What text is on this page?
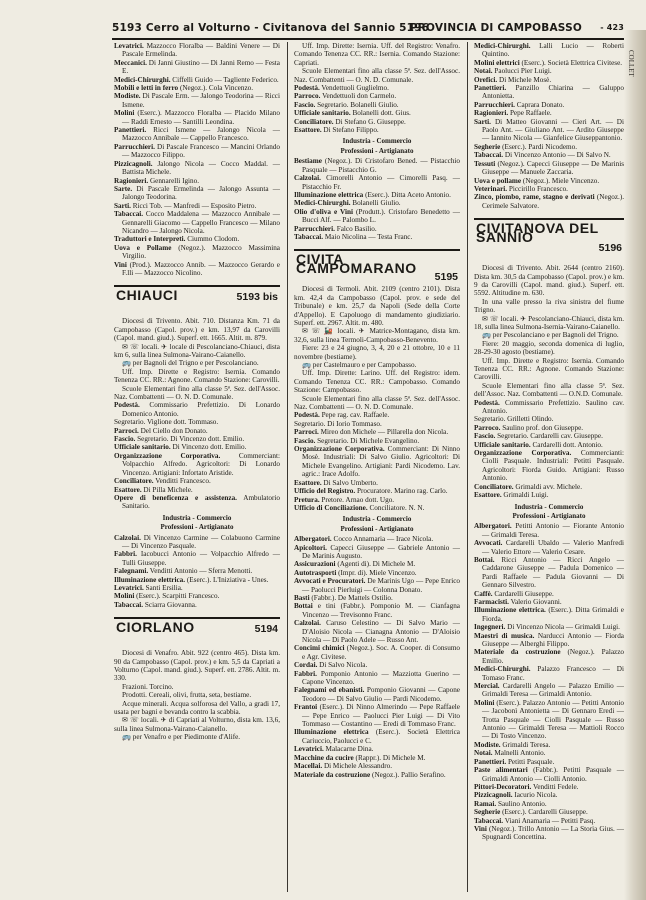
5193 Cerro al Volturno - Civitanova del Sannio 5196
PROVINCIA DI CAMPOBASSO - 423

Levatrici. Mazzocco Floralba — Baldini Venere — Di Pascale Ermelinda.

Meccanici. Di Janni Giustino — Di Janni Remo — Festa E.

Medici-Chirurghi. Ciffelli Guido — Tagliente Federico.

Mobili e letti in ferro (Negoz.). Cola Vincenzo.

Modiste. Di Pascale Erm. — Jalongo Teodorina — Ricci Ismene.

Molini (Eserc.). Mazzocco Floralba — Placido Milano — Raddi Ernesto — Santilli Leondina.

Panettieri. Ricci Ismene — Jalongo Nicola — Mazzocco Annibale — Cappello Francesco.

Parrucchieri. Di Pascale Francesco — Mancini Orlando — Mazzocco Filippo.

Pizzicagnoli. Jalongo Nicola — Cocco Maddal. — Battista Michele.

Ragionieri. Gennarelli Igino.

Sarte. Di Pascale Ermelinda — Jalongo Assunta — Jalongo Teodorina.

Sarti. Ricci Tob. — Manfredi — Esposito Pietro.

Tabaccai. Cocco Maddalena — Mazzocco Annibale — Gennarelli Giacomo — Cappello Francesco — Milano Nicandro — Jalongo Nicola.

Traduttori e Interpreti. Ciummo Clodom.

Uova e Pollame (Negoz.). Mazzocco Massimina Virgilio.

Vini (Prod.). Mazzocco Annib. — Mazzocco Gerardo e F.lli — Mazzocco Nicolino.

CHIAUCI	5193 bis

Diocesi di Trivento. Abit. 710. Distanza Km. 71 da Campobasso (Capol. prov.) e km. 13,97 da Carovilli (Capol. mand. giud.). Superf. ett. 1665. Altit. m. 879.

✉ ☏ locali. ✈ locale di Pescolanciano-Chiauci, dista km 6, sulla linea Sulmona-Vairano-Caianello.

🚌 per Bagnoli del Trigno e per Pescolanciano.

Uff. Imp. Dirette e Registro: Isernia. Comando Tenenza CC. RR.: Agnone. Comando Stazione: Carovilli.

Scuole Elementari fino alla classe 5ª. Sez. dell'Assoc. Naz. Combattenti — O. N. D. Comunale.

Podestà. Commissario Prefettizio. Di Lonardo Domenico Antonio.

Segretario. Viglione dott. Tommaso.

Parroci. Del Ciello don Donato.

Fascio. Segretario. Di Vincenzo dott. Emilio.

Ufficiale sanitario. Di Vincenzo dott. Emilio.

Organizzazione Corporativa. Commerciant: Volpacchio Alfredo. Agricoltori: Di Lonardo Vincenzo. Artigiani: Infortato Aristide.

Conciliatore. Venditti Francesco.

Esattore. Di Pilla Michele.

Opere di beneficenza e assistenza. Ambulatorio Sanitario.

Industria - Commercio
Professioni - Artigianato

Calzolai. Di Vincenzo Carmine — Colabuono Carmine — Di Vincenzo Pasquale.

Fabbri. Iacobucci Antonio — Volpacchio Alfredo — Tulli Giuseppe.

Falegnami. Venditti Antonio — Sferra Menotti.

Illuminazione elettrica. (Eserc.). L'Iniziativa - Unes.

Levatrici. Santi Ersilia.

Molini (Eserc.). Scarpitti Francesco.

Tabaccai. Sciarra Giovanna.

CIORLANO	5194

Diocesi di Venafro. Abit. 922 (centro 465). Dista km. 90 da Campobasso (Capol. prov.) e km. 5,5 da Capriati a Volturno (Capol. mand. giud.). Superf. ett. 2786. Altit. m. 330.

Frazioni. Torcino.

Prodotti. Cereali, olivi, frutta, seta, bestiame.

Acque minerali. Acqua solforosa del Vallo, a gradi 17, usata per bagni e bevanda contro la scabbia.

✉ ☏ locali. ✈ di Capriati al Volturno, dista km. 13,6, sulla linea Sulmona-Vairano-Caianello.

🚌 per Venafro e per Piedimonte d'Alife.

Uff. Imp. Dirette: Isernia. Uff. del Registro: Venafro. Comando Tenenza CC. RR.: Isernia. Comando Stazione: Capriati.

Scuole Elementari fino alla classe 5ª. Sez. dell'Assoc. Naz. Combattenti — O. N. D. Comunale.

Podestà. Vendettuoli Guglielmo.

Parroco. Vendettuoli don Carmelo.

Fascio. Segretario. Bolanelli Giulio.

Ufficiale sanitario. Bolanelli dott. Gius.

Conciliatore. Di Stefano G. Giuseppe.

Esattore. Di Stefano Filippo.

Industria - Commercio
Professioni - Artigianato

Bestiame (Negoz.). Di Cristofaro Bened. — Pistacchio Pasquale — Pistacchio G.

Calzolai. Cimorelli Antonio — Cimorelli Pasq. — Pistacchio Fr.

Illuminazione elettrica (Eserc.). Ditta Aceto Antonio.

Medici-Chirurghi. Bolanelli Giulio.

Olio d'oliva e Vini (Produtt.). Cristofaro Benedetto — Bucci Alf. — Palombo L.

Parrucchieri. Falco Basilio.

Tabaccai. Maio Nicolina — Testa Franc.

CIVITA CAMPOMARANO
5195

Diocesi di Termoli. Abit. 2109 (centro 2101). Dista km. 42,4 da Campobasso (Capol. prov. e sede del Tribunale) e km. 25,7 da Napoli (Sede della Corte d'Appello). E Capoluogo di mandamento giudiziario. Superf. ett. 2967. Altit. m. 480.

✉ ☏ 🚂 locali. ✈ Matrice-Montagano, dista km. 32,6, sulla linea Termoli-Campobasso-Benevento.

Fiere: 23 e 24 giugno, 3, 4, 20 e 21 ottobre, 10 e 11 novembre (bestiame).

🚌 per Castelmauro e per Campobasso.

Uff. Imp. Dirette: Larino. Uff. del Registro: idem. Comando Tenenza CC. RR.: Campobasso. Comando Stazione: Campobasso.

Scuole Elementari fino alla classe 5ª. Sez. dell'Assoc. Naz. Combattenti — O. N. D. Comunale.

Podestà. Pepe rag. cav. Raffaele.

Segretario. Di Iorio Tommaso.

Parroci. Mireo don Michele — Pillarella don Nicola.

Fascio. Segretario. Di Michele Evangelino.

Organizzazione Corporativa. Commerciant: Di Ninno Mosè. Industriali: Di Salvo Giulio. Agricoltori: Di Michele Evangelino. Artigiani: Pardi Nicodemo. Lav. agric.: Irace Adolfo.

Esattore. Di Salvo Umberto.

Ufficio del Registro. Procuratore. Marino rag. Carlo.

Pretura. Pretore. Arnao dott. Ugo.

Ufficio di Conciliazione. Conciliatore. N. N.

Industria - Commercio
Professioni - Artigianato

Albergatori. Cocco Annamaria — Irace Nicola.

Apicoltori. Capecci Giuseppe — Gabriele Antonio — De Marinis Augusto.

Assicurazioni (Agenti di). Di Michele M.

Autotrasporti (Impr. di). Miele Vincenzo.

Avvocati e Procuratori. De Marinis Ugo — Pepe Enrico — Paolucci Pierluigi — Colonna Donato.

Basti (Fabbr.). De Mattels Ostilio.

Bottai e tini (Fabbr.). Pomponio M. — Cianfagna Vincenzo — Trevisonno Franc.

Calzolai. Caruso Celestino — Di Salvo Mario — D'Aloisio Nicola — Cianagna Antonio — D'Aloisio Nicola — Di Paolo Adele — Russo Ant.

Concimi chimici (Negoz.). Soc. A. Cooper. di Consumo e Agr. Civitese.

Cordai. Di Salvo Nicola.

Fabbri. Pomponio Antonio — Mazziotta Guerino — Capone Vincenzo.

Falegnami ed ebanisti. Pomponio Giovanni — Capone Teodoro — Di Salvo Giulio — Pardi Nicodemo.

Frantoi (Eserc.). Di Ninno Almerindo — Pepe Raffaele — Pepe Enrico — Paolucci Pier Luigi — Di Vito Tommaso — Costantino — Eredi di Tommaso Franc.

Illuminazione elettrica (Eserc.). Società Elettrica Cariuccio, Paolucci e C.

Levatrici. Malacarne Dina.

Macchine da cucire (Rappr.). Di Michele M.

Macellai. Di Michele Alessandro.

Materiale da costruzione (Negoz.). Pallio Serafino.

Medici-Chirurghi. Lalli Lucio — Roberti Quintino.

Molini elettrici (Eserc.). Società Elettrica Civitese.

Notai. Paolucci Pier Luigi.

Orefici. Di Michele Mosè.

Panettieri. Panzillo Chiarina — Galuppo Antonietta.

Parrucchieri. Caprara Donato.

Ragionieri. Pepe Raffaele.

Sarti. Di Matteo Giovanni — Cieri Art. — Di Paolo Ant. — Giuliano Ant. — Ardito Giuseppe — Iannito Nicola — Gianfelice Giuseppantonio.

Segherie (Eserc.). Pardi Nicodemo.

Tabaccai. Di Vincenzo Antonio — Di Salvo N.

Tessuti (Negoz.). Capecci Giuseppe — De Marinis Giuseppe — Manuele Zaccaria.

Uova e pollame (Negoz.). Miele Vincenzo.

Veterinari. Piccirillo Francesco.

Zinco, piombo, rame, stagno e derivati (Negoz.). Cerimele Salvatore.

CIVITANOVA DEL SANNIO
5196

Diocesi di Trivento. Abit. 2644 (centro 2160). Dista km. 30,5 da Campobasso (Capol. prov.) e km. 9 da Carovilli (Capol. mand. giud.). Superf. ett. 5592. Altitudine m. 630.

In una valle presso la riva sinistra del fiume Trigno.

✉ ☏ locali. ✈ Pescolanciano-Chiauci, dista km. 18, sulla linea Sulmona-Isernia-Vairano-Caianello.

🚌 per Pescolanciano e per Bagnoli del Trigno.

Fiere: 20 maggio, seconda domenica di luglio, 28-29-30 agosto (bestiame).

Uff. Imp. Dirette e Registro: Isernia. Comando Tenenza CC. RR.: Agnone. Comando Stazione: Carovilli.

Scuole Elementari fino alla classe 5ª. Sez. dell'Assoc. Naz. Combattenti — O.N.D. Comunale.

Podestà. Commissario Prefettizio. Saulino cav. Antonio.

Segretario. Grilletti Olindo.

Parroco. Saulino prof. don Giuseppe.

Fascio. Segretario. Cardarelli cav. Giuseppe.

Ufficiale sanitario. Cardarelli dott. Antonio.

Organizzazione Corporativa. Commercianti: Ciolli Pasquale. Industriali: Petitti Pasquale. Agricoltori: Fiorda Guido. Artigiani: Russo Antonio.

Conciliatore. Grimaldi avv. Michele.

Esattore. Grimaldi Luigi.

Industria - Commercio
Professioni - Artigianato

Albergatori. Petitti Antonio — Fiorante Antonio — Grimaldi Teresa.

Avvocati. Cardarelli Ubaldo — Valerio Manfredi — Valerio Ettore — Valerio Cesare.

Bottai. Ricci Antonio — Ricci Angelo — Caddarone Giuseppe — Padula Domenico — Pardi Raffaele — Padula Giovanni — Di Gennaro Silvestro.

Caffè. Cardarelli Giuseppe.

Farmacisti. Valerio Giovanni.

Illuminazione elettrica. (Eserc.). Ditta Grimaldi e Fiorda.

Ingegneri. Di Vincenzo Nicola — Grimaldi Luigi.

Maestri di musica. Narducci Antonio — Fiorda Giuseppe — Alberghi Filippo.

Materiale da costruzione (Negoz.). Palazzo Emilio.

Medici-Chirurghi. Palazzo Francesco — Di Tomaso Franc.

Mercial. Cardarelli Angelo — Palazzo Emilio — Grimaldi Teresa — Grimaldi Antonio.

Molini (Eserc.). Palazzo Antonio — Petitti Antonio — Jacobonì Antonietta — Di Gennaro Eredi — Trotta Pasquale — Ciolli Pasquale — Russo Antonio — Grimaldi Teresa — Mattioli Rocco — Di Tosto Vincenzo.

Modiste. Grimaldi Teresa.

Notai. Malnelli Antonio.

Panettieri. Petitti Pasquale.

Paste alimentari (Fabbr.). Petitti Pasquale — Grimaldi Antonio — Ciolli Antonio.

Pittori-Decoratori. Venditti Fedele.

Pizzicagnoli. Iacurio Nicola.

Ramai. Saulino Antonio.

Segherie (Eserc.). Cardarelli Giuseppe.

Tabaccai. Viani Anamaria — Petitti Pasq.

Vini (Negoz.). Trillo Antonio — La Storia Gius. — Spugnardi Concettina.

COLLET
